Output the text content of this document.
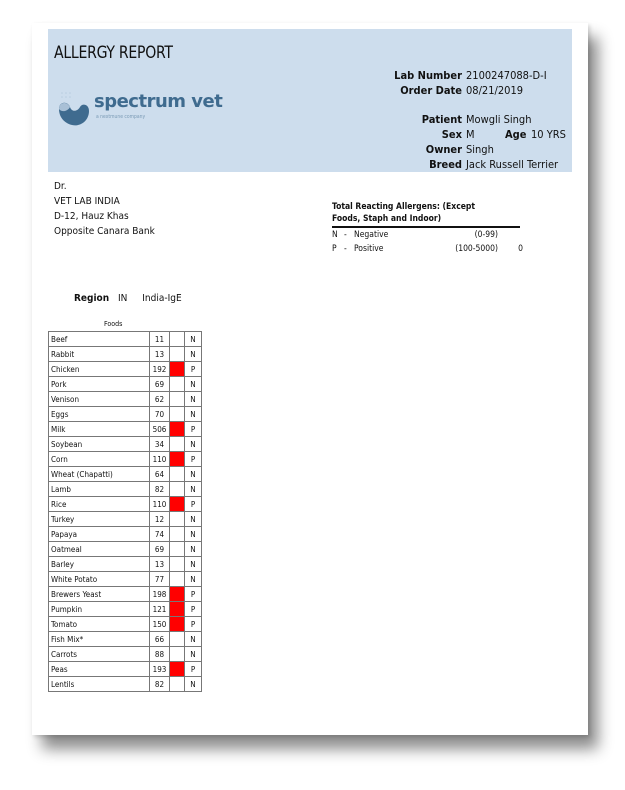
ALLERGY REPORT
spectrum vet
a nextmune company
Lab Number 2100247088-D-I
Order Date 08/21/2019
Patient Mowgli Singh
Sex M	Age 10 YRS
Owner Singh
Breed Jack Russell Terrier
Dr.
VET LAB INDIA
D-12, Hauz Khas
Opposite Canara Bank
Total Reacting Allergens: (Except
Foods, Staph and Indoor)
N - Negative	(0-99)
P - Positive	(100-5000) 0
Region IN India-IgE
Foods
Beef	11		N
Rabbit	13		N
Chicken	192		P
Pork	69		N
Venison	62		N
Eggs	70		N
Milk	506		P
Soybean	34		N
Corn	110		P
Wheat (Chapatti)	64		N
Lamb	82		N
Rice	110		P
Turkey	12		N
Papaya	74		N
Oatmeal	69		N
Barley	13		N
White Potato	77		N
Brewers Yeast	198		P
Pumpkin	121		P
Tomato	150		P
Fish Mix*	66		N
Carrots	88		N
Peas	193		P
Lentils	82		N
